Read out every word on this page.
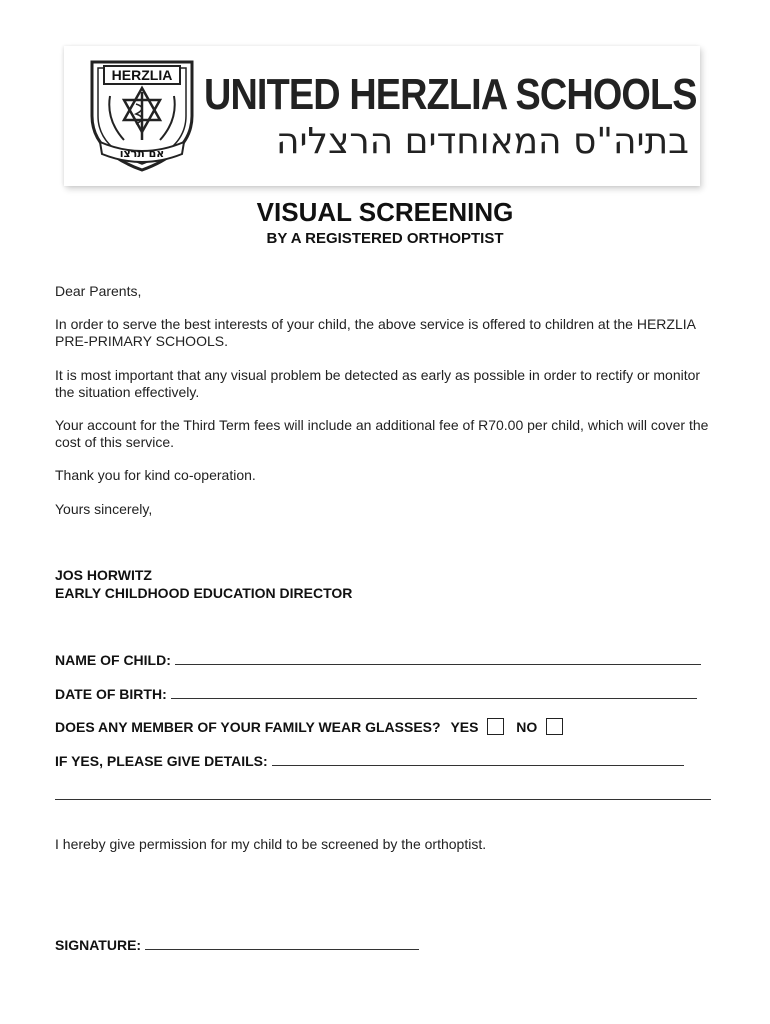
HERZLIA
אם תרצו
UNITED HERZLIA SCHOOLS
בתיה"ס המאוחדים הרצליה
VISUAL SCREENING
BY A REGISTERED ORTHOPTIST
Dear Parents,
In order to serve the best interests of your child, the above service is offered to children at the HERZLIA PRE-PRIMARY SCHOOLS.
It is most important that any visual problem be detected as early as possible in order to rectify or monitor the situation effectively.
Your account for the Third Term fees will include an additional fee of R70.00 per child, which will cover the cost of this service.
Thank you for kind co-operation.
Yours sincerely,
JOS HORWITZ
EARLY CHILDHOOD EDUCATION DIRECTOR
NAME OF CHILD:
DATE OF BIRTH:
DOES ANY MEMBER OF YOUR FAMILY WEAR GLASSES? YES	NO
IF YES, PLEASE GIVE DETAILS:
I hereby give permission for my child to be screened by the orthoptist.
SIGNATURE:
